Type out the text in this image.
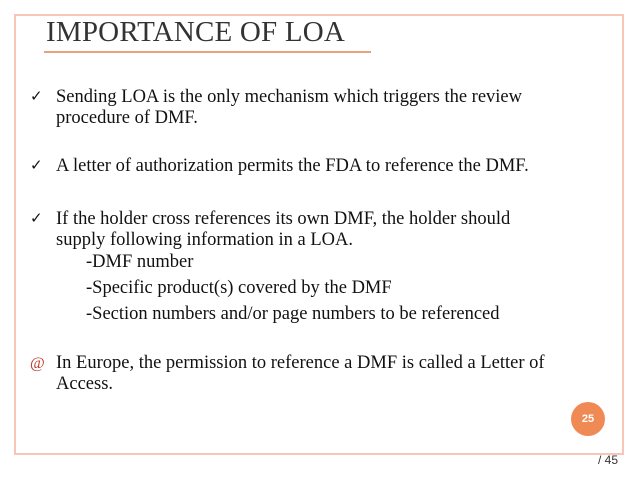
IMPORTANCE OF LOA
✓ Sending LOA is the only mechanism which triggers the review
procedure of DMF.
✓ A letter of authorization permits the FDA to reference the DMF.
✓ If the holder cross references its own DMF, the holder should
supply following information in a LOA.
-DMF number
-Specific product(s) covered by the DMF
-Section numbers and/or page numbers to be referenced
@ In Europe, the permission to reference a DMF is called a Letter of
Access.
25
/ 45
